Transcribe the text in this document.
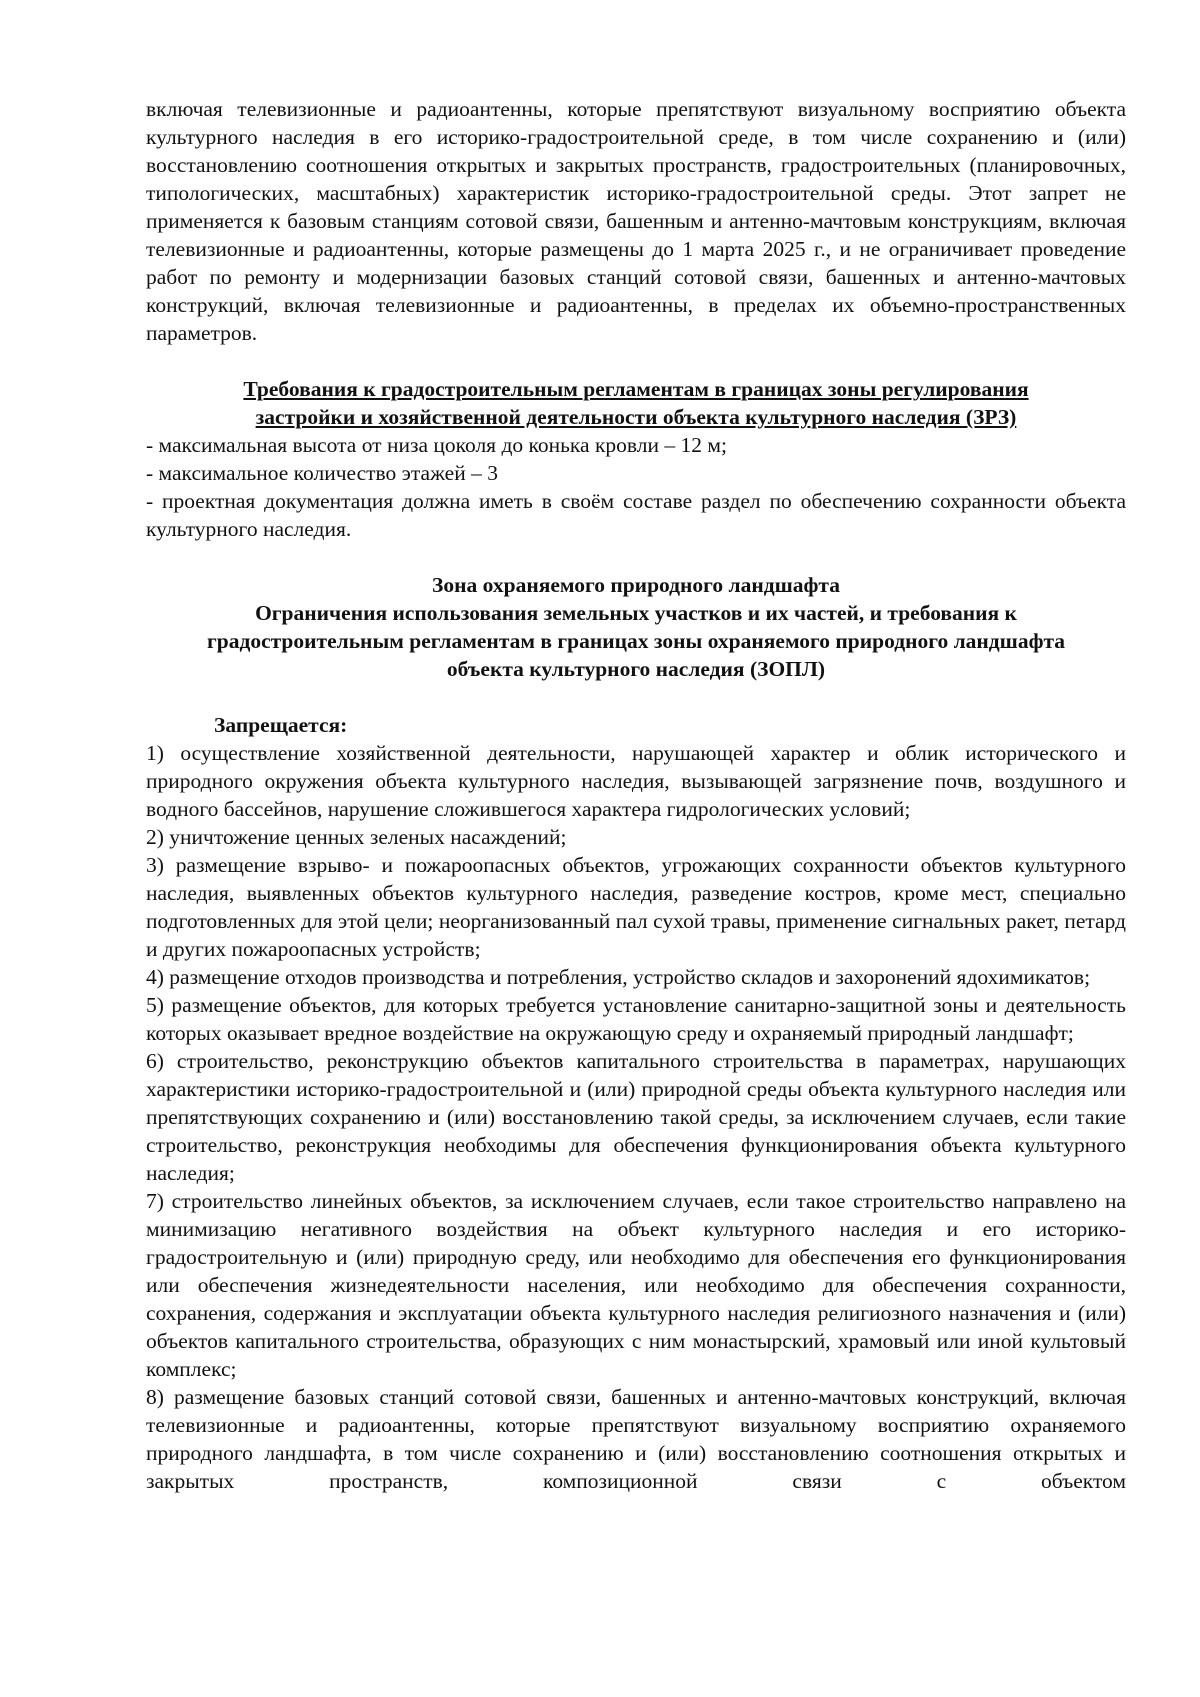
включая телевизионные и радиоантенны, которые препятствуют визуальному восприятию объекта культурного наследия в его историко-градостроительной среде, в том числе сохранению и (или) восстановлению соотношения открытых и закрытых пространств, градостроительных (планировочных, типологических, масштабных) характеристик историко-градостроительной среды. Этот запрет не применяется к базовым станциям сотовой связи, башенным и антенно-мачтовым конструкциям, включая телевизионные и радиоантенны, которые размещены до 1 марта 2025 г., и не ограничивает проведение работ по ремонту и модернизации базовых станций сотовой связи, башенных и антенно-мачтовых конструкций, включая телевизионные и радиоантенны, в пределах их объемно-пространственных параметров.

Требования к градостроительным регламентам в границах зоны регулирования

застройки и хозяйственной деятельности объекта культурного наследия (ЗРЗ)

- максимальная высота от низа цоколя до конька кровли – 12 м;

- максимальное количество этажей – 3

- проектная документация должна иметь в своём составе раздел по обеспечению сохранности объекта культурного наследия.

Зона охраняемого природного ландшафта

Ограничения использования земельных участков и их частей, и требования к

градостроительным регламентам в границах зоны охраняемого природного ландшафта

объекта культурного наследия (ЗОПЛ)

Запрещается:

1) осуществление хозяйственной деятельности, нарушающей характер и облик исторического и природного окружения объекта культурного наследия, вызывающей загрязнение почв, воздушного и водного бассейнов, нарушение сложившегося характера гидрологических условий;

2) уничтожение ценных зеленых насаждений;

3) размещение взрыво- и пожароопасных объектов, угрожающих сохранности объектов культурного наследия, выявленных объектов культурного наследия, разведение костров, кроме мест, специально подготовленных для этой цели; неорганизованный пал сухой травы, применение сигнальных ракет, петард и других пожароопасных устройств;

4) размещение отходов производства и потребления, устройство складов и захоронений ядохимикатов;

5) размещение объектов, для которых требуется установление санитарно-защитной зоны и деятельность которых оказывает вредное воздействие на окружающую среду и охраняемый природный ландшафт;

6) строительство, реконструкцию объектов капитального строительства в параметрах, нарушающих характеристики историко-градостроительной и (или) природной среды объекта культурного наследия или препятствующих сохранению и (или) восстановлению такой среды, за исключением случаев, если такие строительство, реконструкция необходимы для обеспечения функционирования объекта культурного наследия;

7) строительство линейных объектов, за исключением случаев, если такое строительство направлено на минимизацию негативного воздействия на объект культурного наследия и его историко-градостроительную и (или) природную среду, или необходимо для обеспечения его функционирования или обеспечения жизнедеятельности населения, или необходимо для обеспечения сохранности, сохранения, содержания и эксплуатации объекта культурного наследия религиозного назначения и (или) объектов капитального строительства, образующих с ним монастырский, храмовый или иной культовый комплекс;

8) размещение базовых станций сотовой связи, башенных и антенно-мачтовых конструкций, включая телевизионные и радиоантенны, которые препятствуют визуальному восприятию охраняемого природного ландшафта, в том числе сохранению и (или) восстановлению соотношения открытых и закрытых пространств, композиционной связи с объектом
